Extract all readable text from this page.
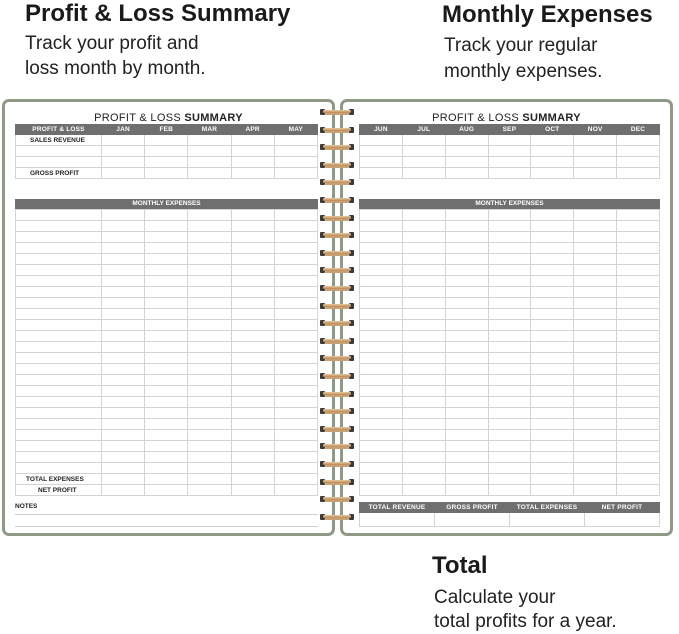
Profit & Loss Summary

Track your profit and

loss month by month.

Monthly Expenses

Track your regular

monthly expenses.

Total

Calculate your

total profits for a year.

PROFIT & LOSS SUMMARY
PROFIT & LOSS	JAN	FEB	MAR	APR	MAY
SALES REVENUE					

GROSS PROFIT					
MONTHLY EXPENSES

TOTAL EXPENSES					
NET PROFIT					
NOTES
PROFIT & LOSS SUMMARY
JUN	JUL	AUG	SEP	OCT	NOV	DEC

MONTHLY EXPENSES

TOTAL REVENUE	GROSS PROFIT	TOTAL EXPENSES	NET PROFIT
